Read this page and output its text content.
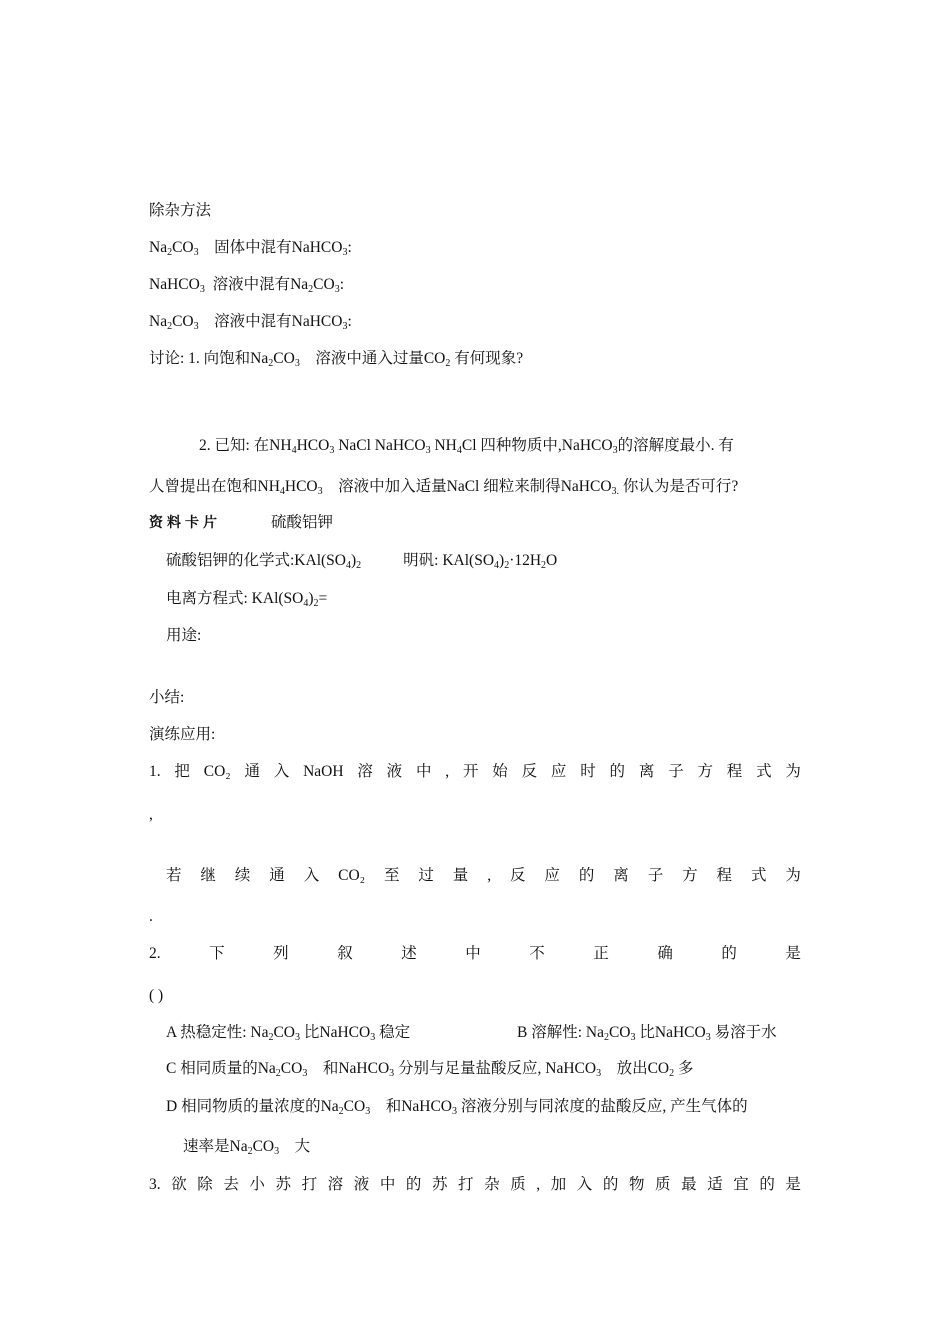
除杂方法
$Na_2CO_3$ 固体中混有NaHCO$_3$:
NaHCO$_3$ 溶液中混有$Na_2CO_3$:
$Na_2CO_3$ 溶液中混有NaHCO$_3$:
讨论: 1. 向饱和$Na_2CO_3$ 溶液中通入过量$CO_2$ 有何现象?
2. 已知: 在$NH_4HCO_3$ NaCl NaHCO$_3$ $NH_4Cl$ 四种物质中,NaHCO$_3$的溶解度最小. 有
人曾提出在饱和$NH_4HCO_3$ 溶液中加入适量NaCl 细粒来制得NaHCO$_{3.}$ 你认为是否可行?
资料卡片	硫酸铝钾
硫酸铝钾的化学式$:KAl(SO_4)_2$	明矾: $KAl(SO_4)_2\cdot 12H_2O$
电离方程式: $KAl(SO_4)_2=$
用途:
小结:
演练应用:
1. 把 CO₂ 通 入 NaOH 溶 液 中 , 开 始 反 应 时 的 离 子 方 程 式 为
,
若 继 续 通 入 CO₂ 至 过 量 , 反 应 的 离 子 方 程 式 为
.
2.	下	列	叙	述	中	不	正	确	的	是
( )
A 热稳定性: $Na_2CO_3$ 比NaHCO$_3$ 稳定	B 溶解性: $Na_2CO_3$ 比NaHCO$_3$ 易溶于水
C 相同质量的$Na_2CO_3$ 和NaHCO$_3$ 分别与足量盐酸反应, NaHCO$_3$ 放出$CO_2$ 多
D 相同物质的量浓度的$Na_2CO_3$ 和NaHCO$_3$ 溶液分别与同浓度的盐酸反应, 产生气体的
速率是$Na_2CO_3$ 大
3. 欲 除 去 小 苏 打 溶 液 中 的 苏 打 杂 质 , 加 入 的 物 质 最 适 宜 的 是
